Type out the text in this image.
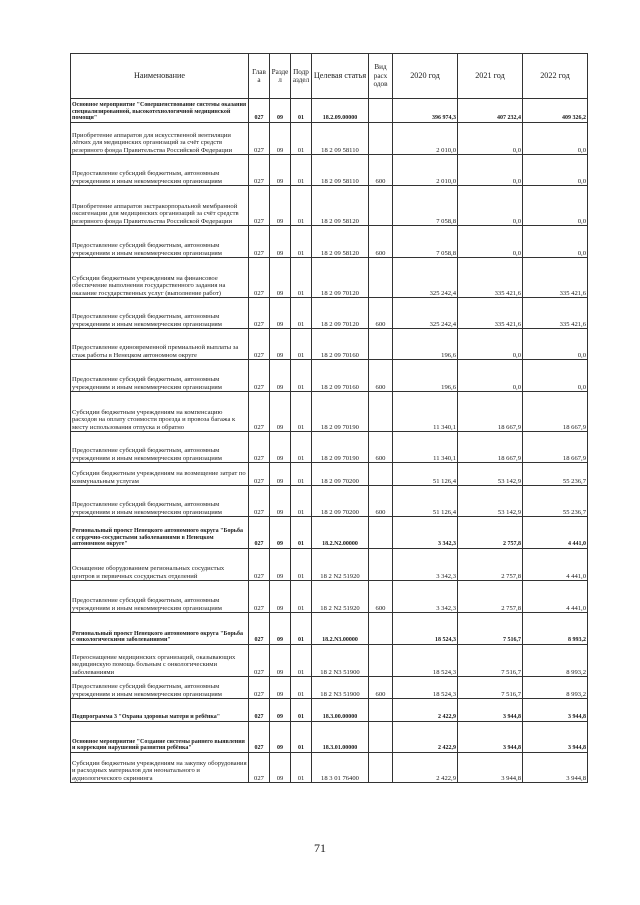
Наименование	Глав а	Разде л	Подр аздел	Целевая статья	Вид расх одов	2020 год	2021 год	2022 год
Основное мероприятие "Совершенствование системы оказания специализированной, высокотехнологичной медицинской помощи"	027	09	01	18.2.09.00000		396 974,3	407 232,4	409 326,2
Приобретение аппаратов для искусственной вентиляции лёгких для медицинских организаций за счёт средств резервного фонда Правительства Российской Федерации	027	09	01	18 2 09 58110		2 010,0	0,0	0,0
Предоставление субсидий бюджетным, автономным учреждениям и иным некоммерческим организациям	027	09	01	18 2 09 58110	600	2 010,0	0,0	0,0
Приобретение аппаратов экстракорпоральной мембранной оксигенации для медицинских организаций за счёт средств резервного фонда Правительства Российской Федерации	027	09	01	18 2 09 58120		7 058,8	0,0	0,0
Предоставление субсидий бюджетным, автономным учреждениям и иным некоммерческим организациям	027	09	01	18 2 09 58120	600	7 058,8	0,0	0,0
Субсидии бюджетным учреждениям на финансовое обеспечение выполнения государственного задания на оказание государственных услуг (выполнение работ)	027	09	01	18 2 09 70120		325 242,4	335 421,6	335 421,6
Предоставление субсидий бюджетным, автономным учреждениям и иным некоммерческим организациям	027	09	01	18 2 09 70120	600	325 242,4	335 421,6	335 421,6
Предоставление единовременной премиальной выплаты за стаж работы в Ненецком автономном округе	027	09	01	18 2 09 70160		196,6	0,0	0,0
Предоставление субсидий бюджетным, автономным учреждениям и иным некоммерческим организациям	027	09	01	18 2 09 70160	600	196,6	0,0	0,0
Субсидии бюджетным учреждениям на компенсацию расходов на оплату стоимости проезда и провоза багажа к месту использования отпуска и обратно	027	09	01	18 2 09 70190		11 340,1	18 667,9	18 667,9
Предоставление субсидий бюджетным, автономным учреждениям и иным некоммерческим организациям	027	09	01	18 2 09 70190	600	11 340,1	18 667,9	18 667,9
Субсидии бюджетным учреждениям на возмещение затрат по коммунальным услугам	027	09	01	18 2 09 70200		51 126,4	53 142,9	55 236,7
Предоставление субсидий бюджетным, автономным учреждениям и иным некоммерческим организациям	027	09	01	18 2 09 70200	600	51 126,4	53 142,9	55 236,7
Региональный проект Ненецкого автономного округа "Борьба с сердечно-сосудистыми заболеваниями в Ненецком автономном округе"	027	09	01	18.2.N2.00000		3 342,3	2 757,8	4 441,0
Оснащение оборудованием региональных сосудистых центров и первичных сосудистых отделений	027	09	01	18 2 N2 51920		3 342,3	2 757,8	4 441,0
Предоставление субсидий бюджетным, автономным учреждениям и иным некоммерческим организациям	027	09	01	18 2 N2 51920	600	3 342,3	2 757,8	4 441,0
Региональный проект Ненецкого автономного округа "Борьба с онкологическими заболеваниями"	027	09	01	18.2.N3.00000		18 524,3	7 516,7	8 993,2
Переоснащение медицинских организаций, оказывающих медицинскую помощь больным с онкологическими заболеваниями	027	09	01	18 2 N3 51900		18 524,3	7 516,7	8 993,2
Предоставление субсидий бюджетным, автономным учреждениям и иным некоммерческим организациям	027	09	01	18 2 N3 51900	600	18 524,3	7 516,7	8 993,2
Подпрограмма 3 "Охрана здоровья матери и ребёнка"	027	09	01	18.3.00.00000		2 422,9	3 944,8	3 944,8
Основное мероприятие "Создание системы раннего выявления и коррекции нарушений развития ребёнка"	027	09	01	18.3.01.00000		2 422,9	3 944,8	3 944,8
Субсидии бюджетным учреждениям на закупку оборудования и расходных материалов для неонатального и аудиологического скрининга	027	09	01	18 3 01 76400		2 422,9	3 944,8	3 944,8
71
